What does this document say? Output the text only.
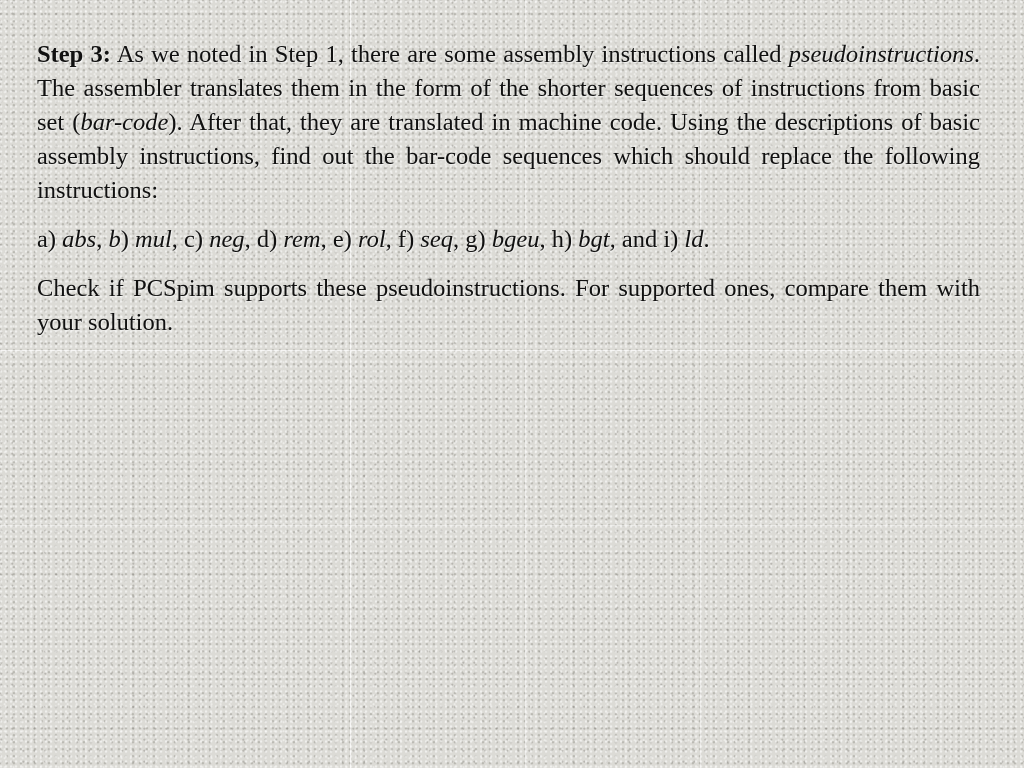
Step 3: As we noted in Step 1, there are some assembly instructions called pseudoinstructions. The assembler translates them in the form of the shorter sequences of instructions from basic set (bar-code). After that, they are translated in machine code. Using the descriptions of basic assembly instructions, find out the bar-code sequences which should replace the following instructions:

a) abs, b) mul, c) neg, d) rem, e) rol, f) seq, g) bgeu, h) bgt, and i) ld.

Check if PCSpim supports these pseudoinstructions. For supported ones, compare them with your solution.
